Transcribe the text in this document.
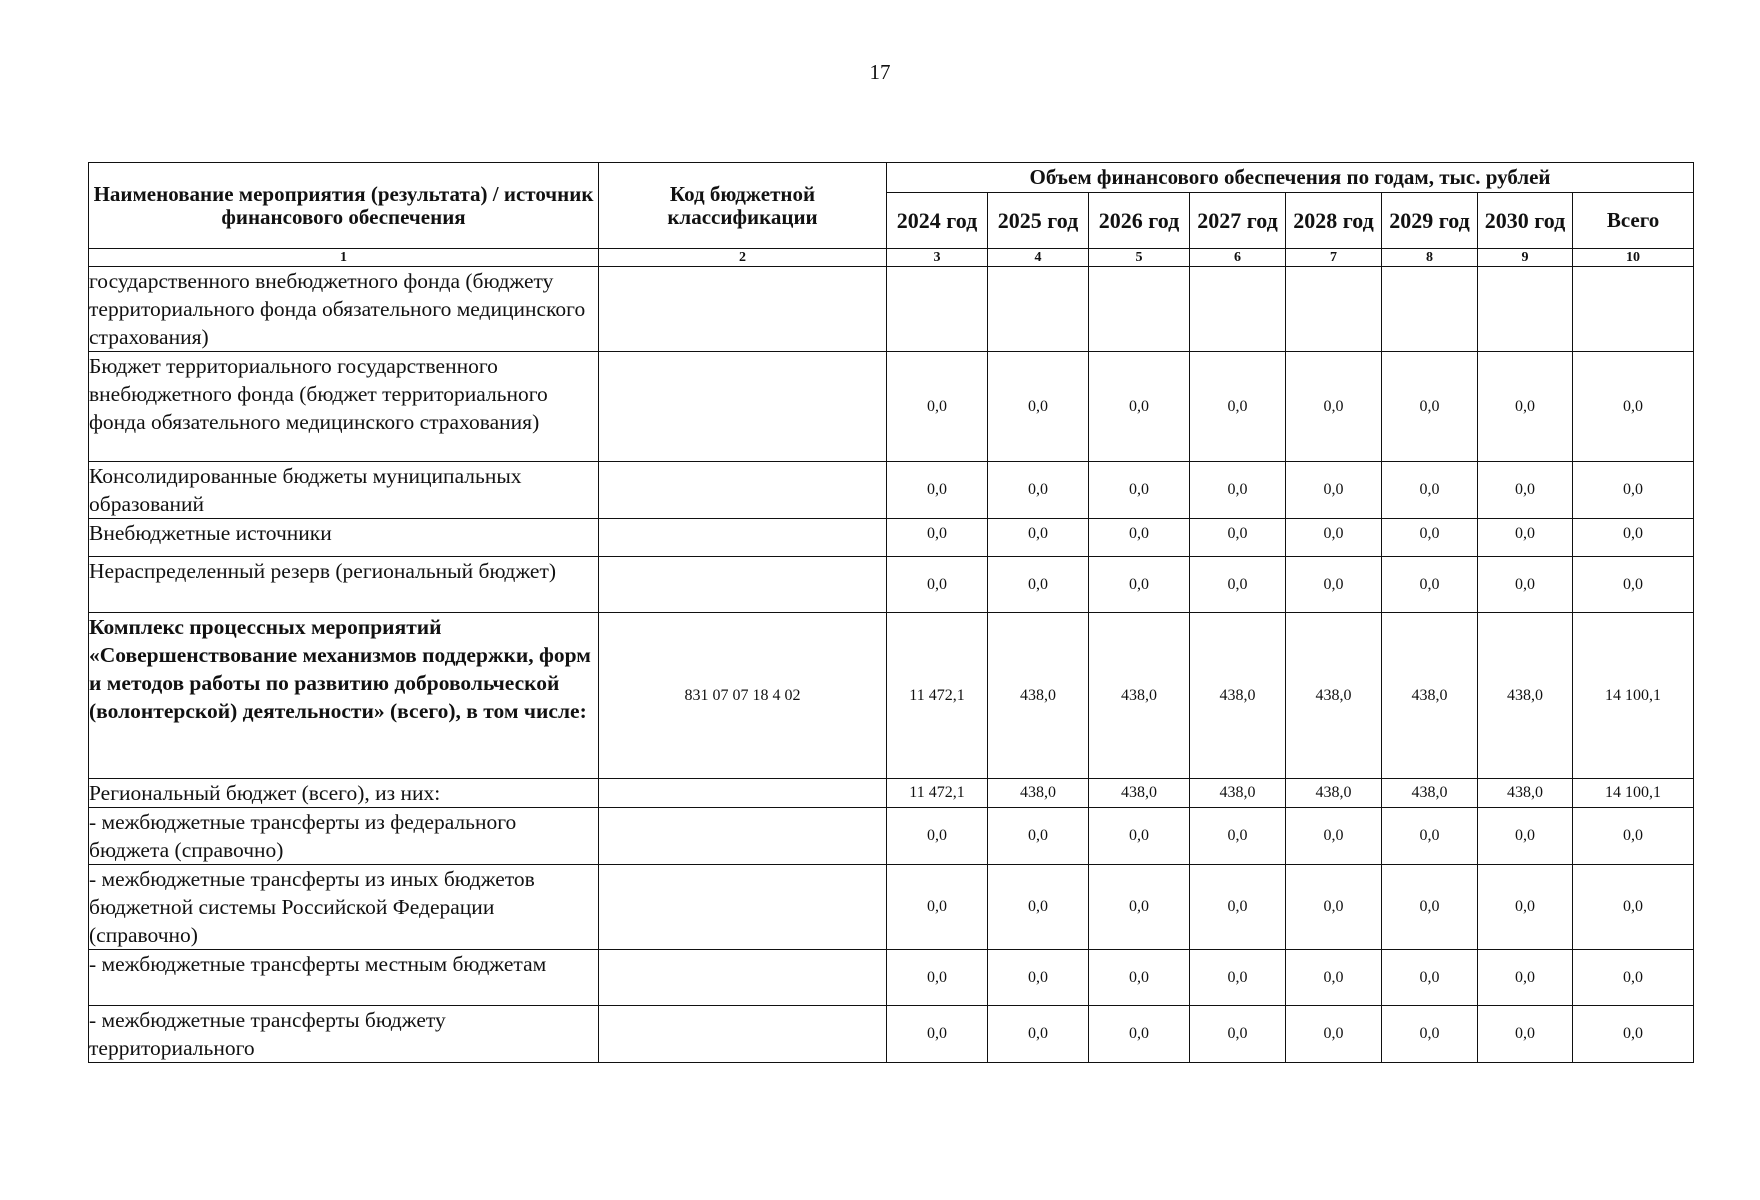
17
Наименование мероприятия (результата) / источник финансового обеспечения	Код бюджетной классификации	Объем финансового обеспечения по годам, тыс. рублей							
		2024 год	2025 год	2026 год	2027 год	2028 год	2029 год	2030 год	Всего
1	2	3	4	5	6	7	8	9	10
государственного внебюджетного фонда (бюджету территориального фонда обязательного медицинского страхования)									
Бюджет территориального государственного внебюджетного фонда (бюджет территориального фонда обязательного медицинского страхования)		0,0	0,0	0,0	0,0	0,0	0,0	0,0	0,0
Консолидированные бюджеты муниципальных образований		0,0	0,0	0,0	0,0	0,0	0,0	0,0	0,0
Внебюджетные источники		0,0	0,0	0,0	0,0	0,0	0,0	0,0	0,0
Нераспределенный резерв (региональный бюджет)		0,0	0,0	0,0	0,0	0,0	0,0	0,0	0,0
Комплекс процессных мероприятий «Совершенствование механизмов поддержки, форм и методов работы по развитию добровольческой (волонтерской) деятельности» (всего), в том числе:	831 07 07 18 4 02	11 472,1	438,0	438,0	438,0	438,0	438,0	438,0	14 100,1
Региональный бюджет (всего), из них:		11 472,1	438,0	438,0	438,0	438,0	438,0	438,0	14 100,1
- межбюджетные трансферты из федерального бюджета (справочно)		0,0	0,0	0,0	0,0	0,0	0,0	0,0	0,0
- межбюджетные трансферты из иных бюджетов бюджетной системы Российской Федерации (справочно)		0,0	0,0	0,0	0,0	0,0	0,0	0,0	0,0
- межбюджетные трансферты местным бюджетам		0,0	0,0	0,0	0,0	0,0	0,0	0,0	0,0
- межбюджетные трансферты бюджету территориального		0,0	0,0	0,0	0,0	0,0	0,0	0,0	0,0
